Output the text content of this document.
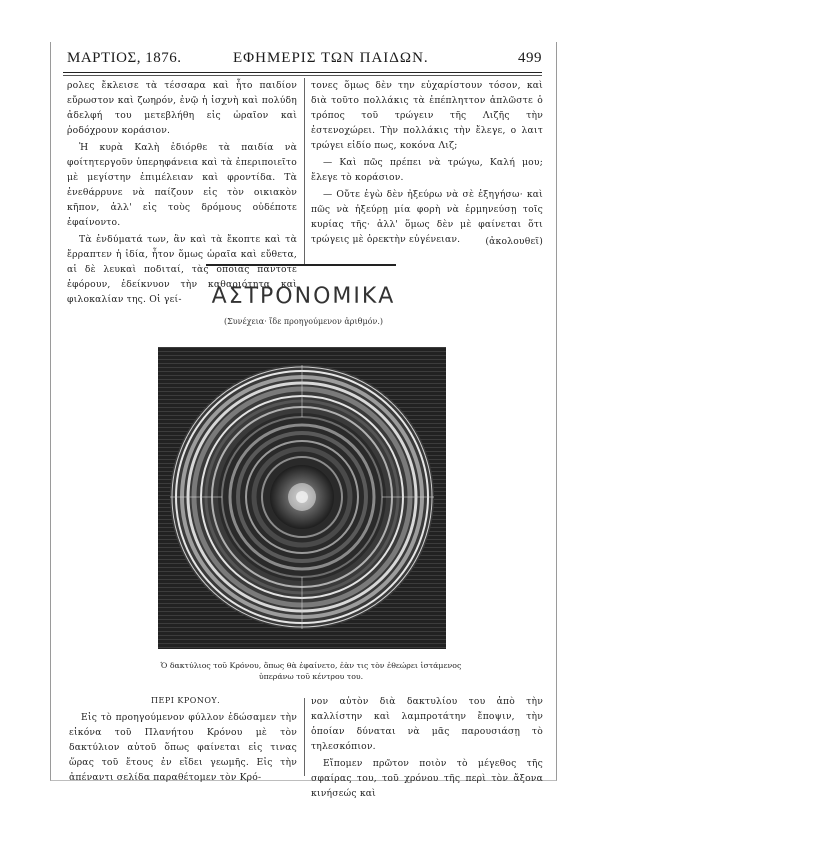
ΜΑΡΤΙΟΣ, 1876.	ΕΦΗΜΕΡΙΣ ΤΩΝ ΠΑΙΔΩΝ.	499

ρολες ἔκλεισε τὰ τέσσαρα καὶ ἦτο παιδίον εὔρωστον καὶ ζωηρόν, ἐνῷ ἡ ἰσχνὴ καὶ πολύδη ἀδελφή του μετεβλήθη εἰς ὡραῖον καὶ ῥοδόχρουν κοράσιον.

Ἡ κυρὰ Καλὴ ἐδιόρθε τὰ παιδία νὰ φοίτητεργοῦν ὑπερηφάνεια καὶ τὰ ἐπεριποιεῖτο μὲ μεγίστην ἐπιμέλειαν καὶ φροντίδα. Τὰ ἐνεθάρρυνε νὰ παίζουν εἰς τὸν οικιακὸν κῆπον, ἀλλ' εἰς τοὺς δρόμους οὐδέποτε ἐφαίνοντο.

Τὰ ἐνδύματά των, ἂν καὶ τὰ ἔκοπτε καὶ τὰ ἔρραπτεν ἡ ἰδία, ἦτον ὅμως ὡραῖα καὶ εὔθετα, αἱ δὲ λευκαὶ ποδιταί, τὰς ὁποίας πάντοτε ἐφόρουν, ἐδείκνυον τὴν καθαριότητα καὶ φιλοκαλίαν της. Οἱ γεί-

τονες ὅμως δὲν την εὐχαρίστουν τόσον, καὶ διὰ τοῦτο πολλάκις τὰ ἐπέπληττον ἀπλῶστε ὁ τρόπος τοῦ τρώγειν τῆς Λιζῆς τὴν ἐστενοχώρει. Τὴν πολλάκις τὴν ἔλεγε, ο λαιτ τρώγει εἰδίο πως, κοκόνα Λιζ;

— Καὶ πῶς πρέπει νὰ τρώγω, Καλή μου; ἔλεγε τὸ κοράσιον.

— Οὔτε ἐγὼ δὲν ἠξεύρω νὰ σὲ ἐξηγήσω· καὶ πῶς νὰ ἠξεύρῃ μία φορὴ νὰ ἐρμηνεύσῃ τοῖς κυρίας τῆς· ἀλλ' ὅμως δὲν μὲ φαίνεται ὅτι τρώγεις μὲ ὀρεκτὴν εὐγένειαν.	(ἀκολουθεῖ)

ΑΣΤΡΟΝΟΜΙΚΑ
(Συνέχεια· ἴδε προηγούμενον ἀριθμόν.)
Ὁ δακτύλιος τοῦ Κρόνου, ὅπως θὰ ἐφαίνετο, ἐὰν τις τὸν ἐθεώρει ἱστάμενος ὑπεράνω τοῦ κέντρου του.
ΠΕΡΙ ΚΡΟΝΟΥ.

Εἰς τὸ προηγούμενον φύλλον ἐδώσαμεν τὴν εἰκόνα τοῦ Πλανήτου Κρόνου μὲ τὸν δακτύλιον αὐτοῦ ὅπως φαίνεται εἰς τινας ὥρας τοῦ ἔτους ἐν εἴδει γεωμῆς. Εἰς τὴν ἀπέναντι σελίδα παραθέτομεν τὸν Κρό-

νον αὐτὸν διὰ δακτυλίου του ἀπὸ τὴν καλλίστην καὶ λαμπροτάτην ἔποψιν, τὴν ὁποίαν δύναται νὰ μᾶς παρουσιάσῃ τὸ τηλεσκόπιον.

Εἴπομεν πρῶτον ποιὸν τὸ μέγεθος τῆς σφαίρας του, τοῦ χρόνου τῆς περὶ τὸν ἄξονα κινήσεώς καὶ
